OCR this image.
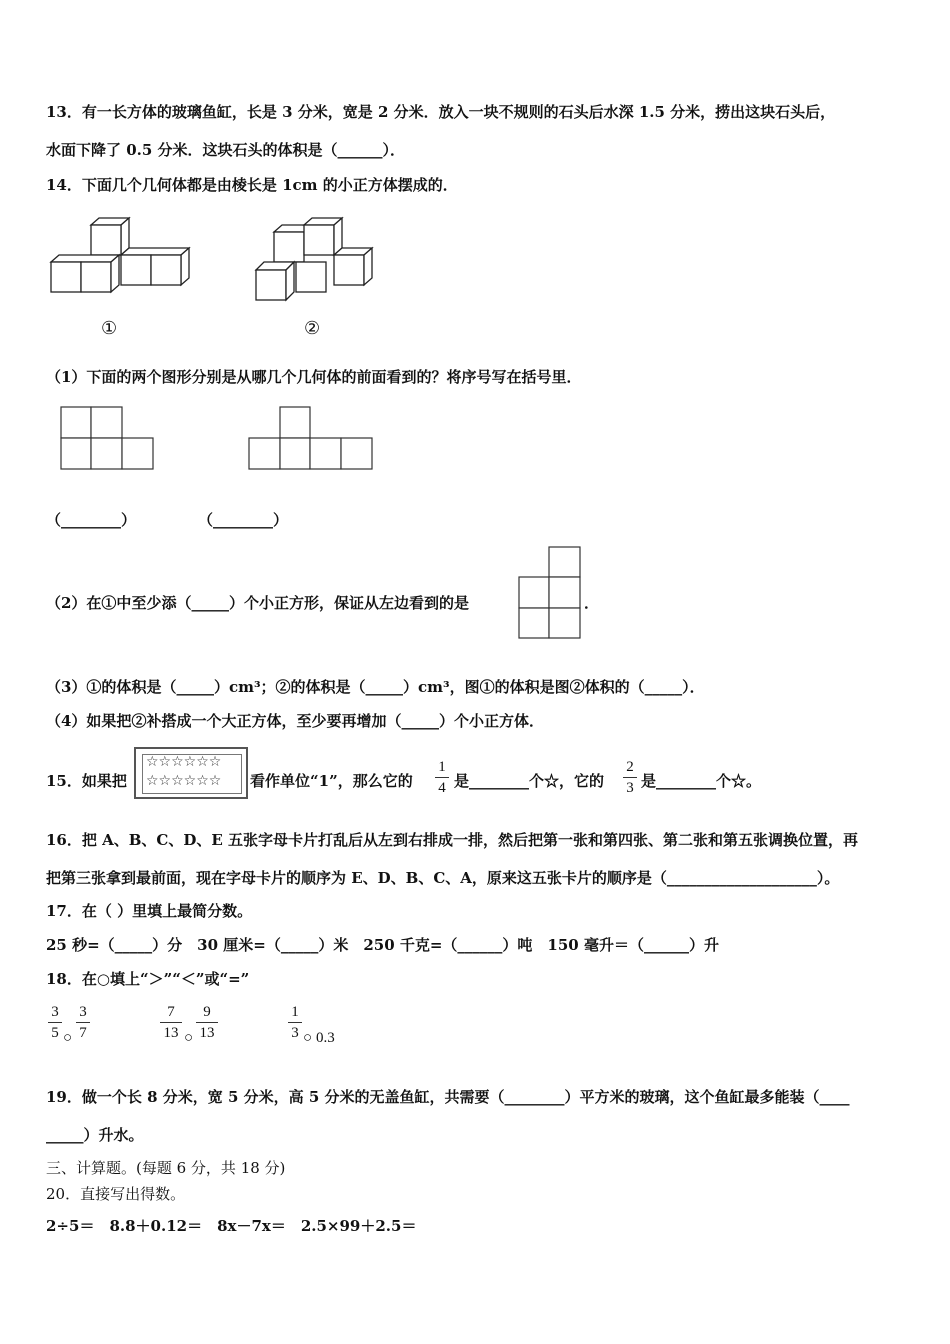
13．有一长方体的玻璃鱼缸，长是 3 分米，宽是 2 分米．放入一块不规则的石头后水深 1.5 分米，捞出这块石头后，
水面下降了 0.5 分米．这块石头的体积是（______）．
14．下面几个几何体都是由棱长是 1cm 的小正方体摆成的．
①	②
（1）下面的两个图形分别是从哪几个几何体的前面看到的？将序号写在括号里．
（________）	（________）
（2）在①中至少添（_____）个小正方形，保证从左边看到的是	．
（3）①的体积是（_____）cm³；②的体积是（_____）cm³，图①的体积是图②体积的（_____）．
（4）如果把②补搭成一个大正方体，至少要再增加（_____）个小正方体．
15．如果把
☆☆☆☆☆☆
☆☆☆☆☆☆ 看作单位“1”，那么它的
1
4 是________个☆，它的
2
3 是________个☆。
16．把 A、B、C、D、E 五张字母卡片打乱后从左到右排成一排，然后把第一张和第四张、第二张和第五张调换位置，再
把第三张拿到最前面，现在字母卡片的顺序为 E、D、B、C、A，原来这五张卡片的顺序是（____________________）。
17．在（ ）里填上最简分数。
25 秒=（_____）分　30 厘米=（_____）米　250 千克=（______）吨　150 毫升＝（______）升
18．在○填上“＞”“＜”或“=”
3
5 ○
3
7
7
13 ○
9
13
1
3 ○ 0.3
19．做一个长 8 分米，宽 5 分米，高 5 分米的无盖鱼缸，共需要（________）平方米的玻璃，这个鱼缸最多能装（____
_____）升水。
三、计算题。(每题 6 分，共 18 分)
20．直接写出得数。
2÷5＝　8.8＋0.12＝　8x－7x＝　2.5×99＋2.5＝
